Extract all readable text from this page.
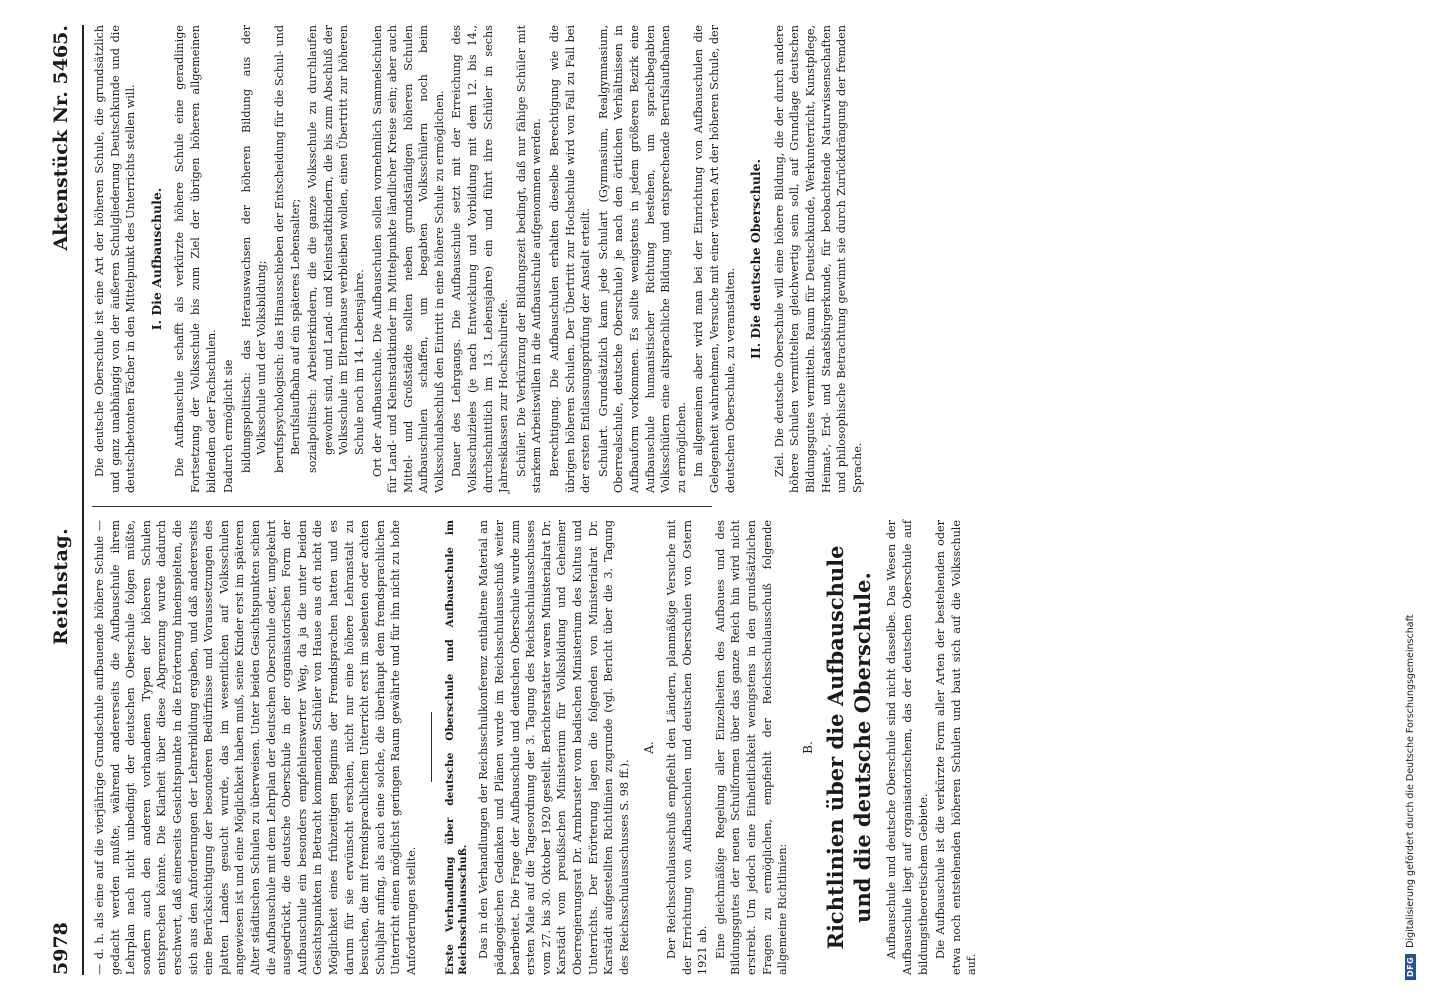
5978
Reichstag.
Aktenstück Nr. 5465.

— d. h. als eine auf die vierjährige Grundschule aufbauende höhere Schule — gedacht werden mußte, während andererseits die Aufbauschule ihrem Lehrplan nach nicht unbedingt der deutschen Oberschule folgen müßte, sondern auch den anderen vorhandenen Typen der höheren Schulen entsprechen könnte. Die Klarheit über diese Abgrenzung wurde dadurch erschwert, daß einerseits Gesichtspunkte in die Erörterung hineinspielten, die sich aus den Anforderungen der Lehrerbildung ergaben, und daß andererseits eine Berücksichtigung der besonderen Bedürfnisse und Voraussetzungen des platten Landes gesucht wurde, das im wesentlichen auf Volksschulen angewiesen ist und eine Möglichkeit haben muß, seine Kinder erst im späteren Alter städtischen Schulen zu überweisen. Unter beiden Gesichtspunkten schien die Aufbauschule mit dem Lehrplan der deutschen Oberschule oder, umgekehrt ausgedrückt, die deutsche Oberschule in der organisatorischen Form der Aufbauschule ein besonders empfehlenswerter Weg, da ja die unter beiden Gesichtspunkten in Betracht kommenden Schüler von Hause aus oft nicht die Möglichkeit eines frühzeitigen Beginns der Fremdsprachen hatten und es darum für sie erwünscht erschien, nicht nur eine höhere Lehranstalt zu besuchen, die mit fremdsprachlichem Unterricht erst im siebenten oder achten Schuljahr anfing, als auch eine solche, die überhaupt dem fremdsprachlichen Unterricht einen möglichst geringen Raum gewährte und für ihn nicht zu hohe Anforderungen stellte.	Erste Verhandlung über deutsche Oberschule und Aufbauschule im Reichsschulausschuß. Das in den Verhandlungen der Reichsschulkonferenz enthaltene Material an pädagogischen Gedanken und Plänen wurde im Reichsschulausschuß weiter bearbeitet. Die Frage der Aufbauschule und deutschen Oberschule wurde zum ersten Male auf die Tagesordnung der 3. Tagung des Reichsschulausschusses vom 27. bis 30. Oktober 1920 gestellt. Berichterstatter waren Ministerialrat Dr. Karstädt vom preußischen Ministerium für Volksbildung und Geheimer Oberregierungsrat Dr. Armbruster vom badischen Ministerium des Kultus und Unterrichts. Der Erörterung lagen die folgenden von Ministerialrat Dr. Karstädt aufgestellten Richtlinien zugrunde (vgl. Bericht über die 3. Tagung des Reichsschulausschusses S. 98 ff.).

A. Der Reichsschulausschuß empfiehlt den Ländern, planmäßige Versuche mit der Errichtung von Aufbauschulen und deutschen Oberschulen von Ostern 1921 ab. Eine gleichmäßige Regelung aller Einzelheiten des Aufbaues und des Bildungsgutes der neuen Schulformen über das ganze Reich hin wird nicht erstrebt. Um jedoch eine Einheitlichkeit wenigstens in den grundsätzlichen Fragen zu ermöglichen, empfiehlt der Reichsschulausschuß folgende allgemeine Richtlinien:

B. Richtlinien über die Aufbauschule und die deutsche Oberschule. Aufbauschule und deutsche Oberschule sind nicht dasselbe. Das Wesen der Aufbauschule liegt auf organisatorischem, das der deutschen Oberschule auf bildungstheoretischem Gebiete. Die Aufbauschule ist die verkürzte Form aller Arten der bestehenden oder etwa noch entstehenden höheren Schulen und baut sich auf die Volksschule auf.

Die deutsche Oberschule ist eine Art der höheren Schule, die grundsätzlich und ganz unabhängig von der äußeren Schulgliederung Deutschkunde und die deutschbetonten Fächer in den Mittelpunkt des Unterrichts stellen will. I. Die Aufbauschule. Die Aufbauschule schafft als verkürzte höhere Schule eine geradlinige Fortsetzung der Volksschule bis zum Ziel der übrigen höheren allgemeinen bildenden oder Fachschulen. Dadurch ermöglicht sie bildungspolitisch: das Herauswachsen der höheren Bildung aus der Volksschule und der Volksbildung; berufspsychologisch: das Hinausschieben der Entscheidung für die Schul- und Berufslaufbahn auf ein späteres Lebensalter; sozialpolitisch: Arbeiterkindern, die die ganze Volksschule zu durchlaufen gewohnt sind, und Land- und Kleinstadtkindern, die bis zum Abschluß der Volksschule im Elternhause verbleiben wollen, einen Übertritt zur höheren Schule noch im 14. Lebensjahre. Ort der Aufbauschule. Die Aufbauschulen sollen vornehmlich Sammelschulen für Land- und Kleinstadtkinder im Mittelpunkte ländlicher Kreise sein; aber auch Mittel- und Großstädte sollten neben grundständigen höheren Schulen Aufbauschulen schaffen, um begabten Volksschülern noch beim Volksschulabschluß den Eintritt in eine höhere Schule zu ermöglichen. Dauer des Lehrgangs. Die Aufbauschule setzt mit der Erreichung des Volksschulzieles (je nach Entwicklung und Vorbildung mit dem 12. bis 14., durchschnittlich im 13. Lebensjahre) ein und führt ihre Schüler in sechs Jahresklassen zur Hochschulreife. Schüler. Die Verkürzung der Bildungszeit bedingt, daß nur fähige Schüler mit starkem Arbeitswillen in die Aufbauschule aufgenommen werden. Berechtigung. Die Aufbauschulen erhalten dieselbe Berechtigung wie die übrigen höheren Schulen. Der Übertritt zur Hochschule wird von Fall zu Fall bei der ersten Entlassungsprüfung der Anstalt erteilt. Schulart. Grundsätzlich kann jede Schulart (Gymnasium, Realgymnasium, Oberrealschule, deutsche Oberschule) je nach den örtlichen Verhältnissen in Aufbauform vorkommen. Es sollte wenigstens in jedem größeren Bezirk eine Aufbauschule humanistischer Richtung bestehen, um sprachbegabten Volksschülern eine altsprachliche Bildung und entsprechende Berufslaufbahnen zu ermöglichen. Im allgemeinen aber wird man bei der Einrichtung von Aufbauschulen die Gelegenheit wahrnehmen, Versuche mit einer vierten Art der höheren Schule, der deutschen Oberschule, zu veranstalten.

II. Die deutsche Oberschule. Ziel. Die deutsche Oberschule will eine höhere Bildung, die der durch andere höhere Schulen vermittelten gleichwertig sein soll, auf Grundlage deutschen Bildungsgutes vermitteln. Raum für Deutschkunde, Werkunterricht, Kunstpflege, Heimat-, Erd- und Staatsbürgerkunde, für beobachtende Naturwissenschaften und philosophische Betrachtung gewinnt sie durch Zurückdrängung der fremden Sprache.

DFG
Digitalisierung gefördert durch die Deutsche Forschungsgemeinschaft
